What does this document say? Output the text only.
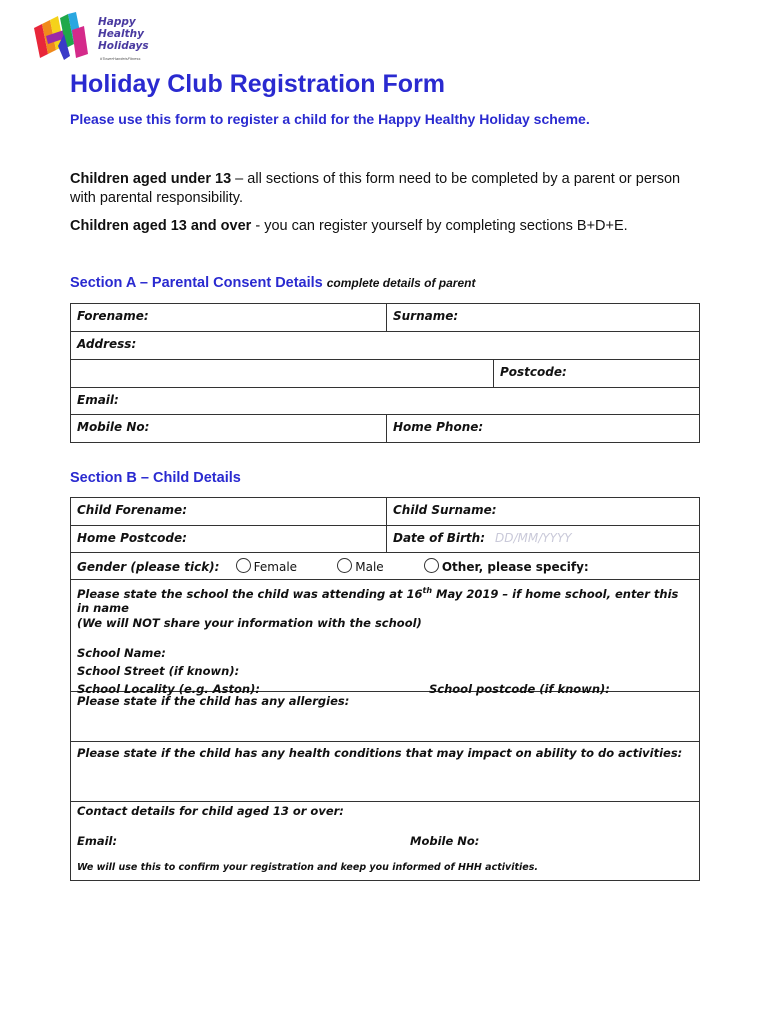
Happy
Healthy
Holidays
#TowerHamletsFitness
Holiday Club Registration Form
Please use this form to register a child for the Happy Healthy Holiday scheme.
Children aged under 13 – all sections of this form need to be completed by a parent or person with parental responsibility.
Children aged 13 and over - you can register yourself by completing sections B+D+E.
Section A – Parental Consent Details complete details of parent
Forename:	Surname:
Address:
Postcode:
Email:
Mobile No:	Home Phone:
Section B – Child Details
Child Forename:	Child Surname:
Home Postcode:	Date of Birth: DD/MM/YYYY
Gender (please tick):	Female	Male	Other, please specify:
Please state the school the child was attending at 16th May 2019 – if home school, enter this in name
(We will NOT share your information with the school)
School Name:
School Street (if known):
School Locality (e.g. Aston):	School postcode (if known):
Please state if the child has any allergies:
Please state if the child has any health conditions that may impact on ability to do activities:
Contact details for child aged 13 or over:
Email:	Mobile No:
We will use this to confirm your registration and keep you informed of HHH activities.
